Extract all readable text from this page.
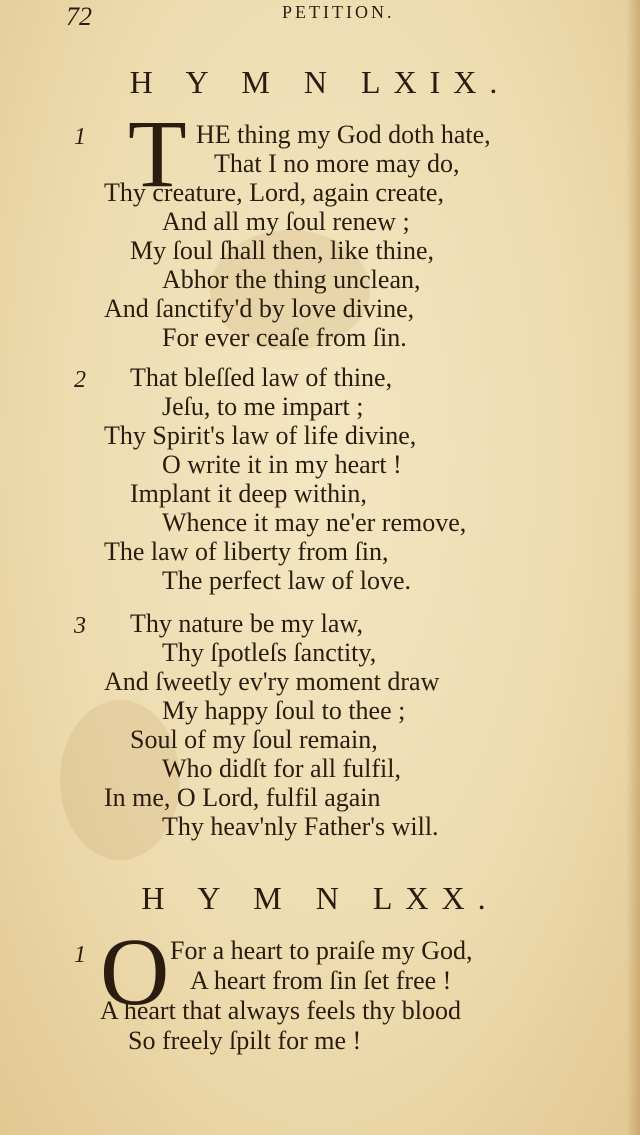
72	PETITION.
H Y M N LXIX.
1 T HE thing my God doth hate,
That I no more may do,
Thy creature, Lord, again create,
And all my ſoul renew ;
My ſoul ſhall then, like thine,
Abhor the thing unclean,
And ſanctify'd by love divine,
For ever ceaſe from ſin.
2 That bleſſed law of thine,
Jeſu, to me impart ;
Thy Spirit's law of life divine,
O write it in my heart !
Implant it deep within,
Whence it may ne'er remove,
The law of liberty from ſin,
The perfect law of love.
3 Thy nature be my law,
Thy ſpotleſs ſanctity,
And ſweetly ev'ry moment draw
My happy ſoul to thee ;
Soul of my ſoul remain,
Who didſt for all fulfil,
In me, O Lord, fulfil again
Thy heav'nly Father's will.
H Y M N LXX.
1 O For a heart to praiſe my God,
A heart from ſin ſet free !
A heart that always feels thy blood
So freely ſpilt for me !
